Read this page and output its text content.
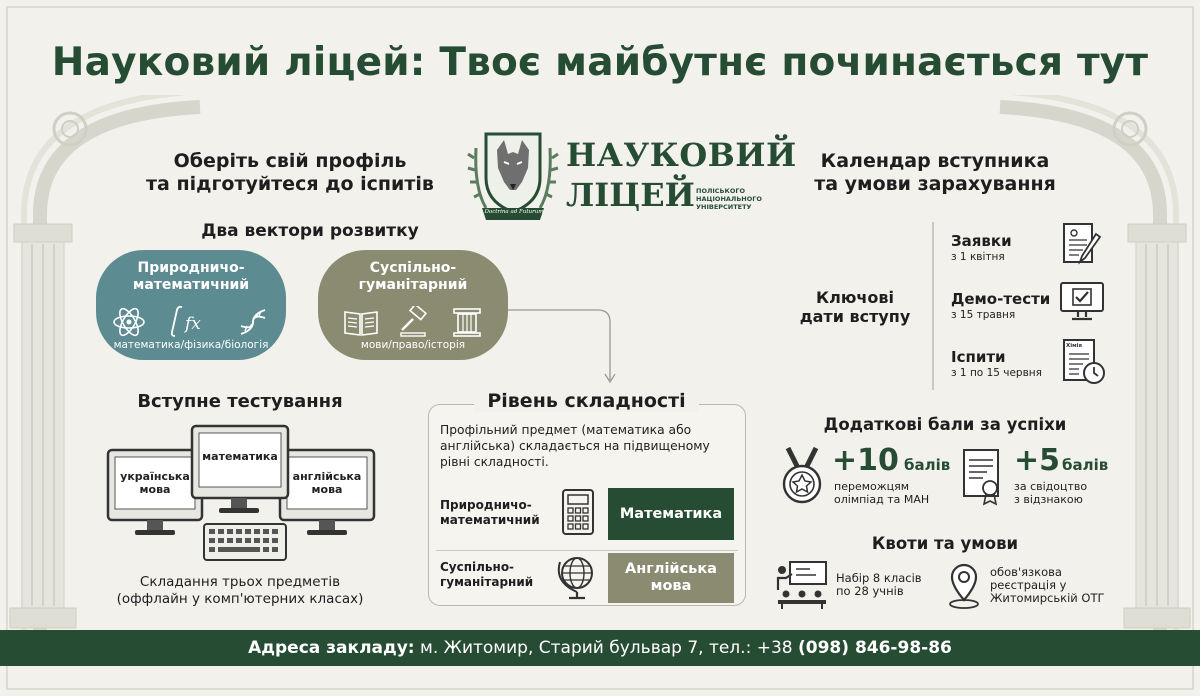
Науковий ліцей: Твоє майбутнє починається тут
Оберіть свій профіль
та підготуйтеся до іспитів
Doctrina ad Futurum
НАУКОВИЙ
ЛІЦЕЙ ПОЛІСЬКОГО
НАЦІОНАЛЬНОГО
УНІВЕРСИТЕТУ
Календар вступника
та умови зарахування
Два вектори розвитку
Природничо-
математичний
fx
математика/фізика/біологія
Суспільно-
гуманітарний
мови/право/історія
Вступне тестування
українська
мова
математика
англійська
мова
Складання трьох предметів
(оффлайн у комп'ютерних класах)
Рівень складності
Профільний предмет (математика або англійська) складається на підвищеному рівні складності.
Природничо-
математичний	Математика
Суспільно-
гуманітарний
Англійська
мова
Ключові
дати вступу
Заявки
з 1 квітня
Демо-тести
з 15 травня
Іспити
з 1 по 15 червня
Хімія
Додаткові бали за успіхи
+10 балів
переможцям
олімпіад та МАН
+5 балів
за свідоцтво
з відзнакою
Квоти та умови
Набір 8 класів
по 28 учнів
обов'язкова
реєстрація у
Житомирській ОТГ
Адреса закладу: м. Житомир, Старий бульвар 7, тел.: +38 (098) 846-98-86
